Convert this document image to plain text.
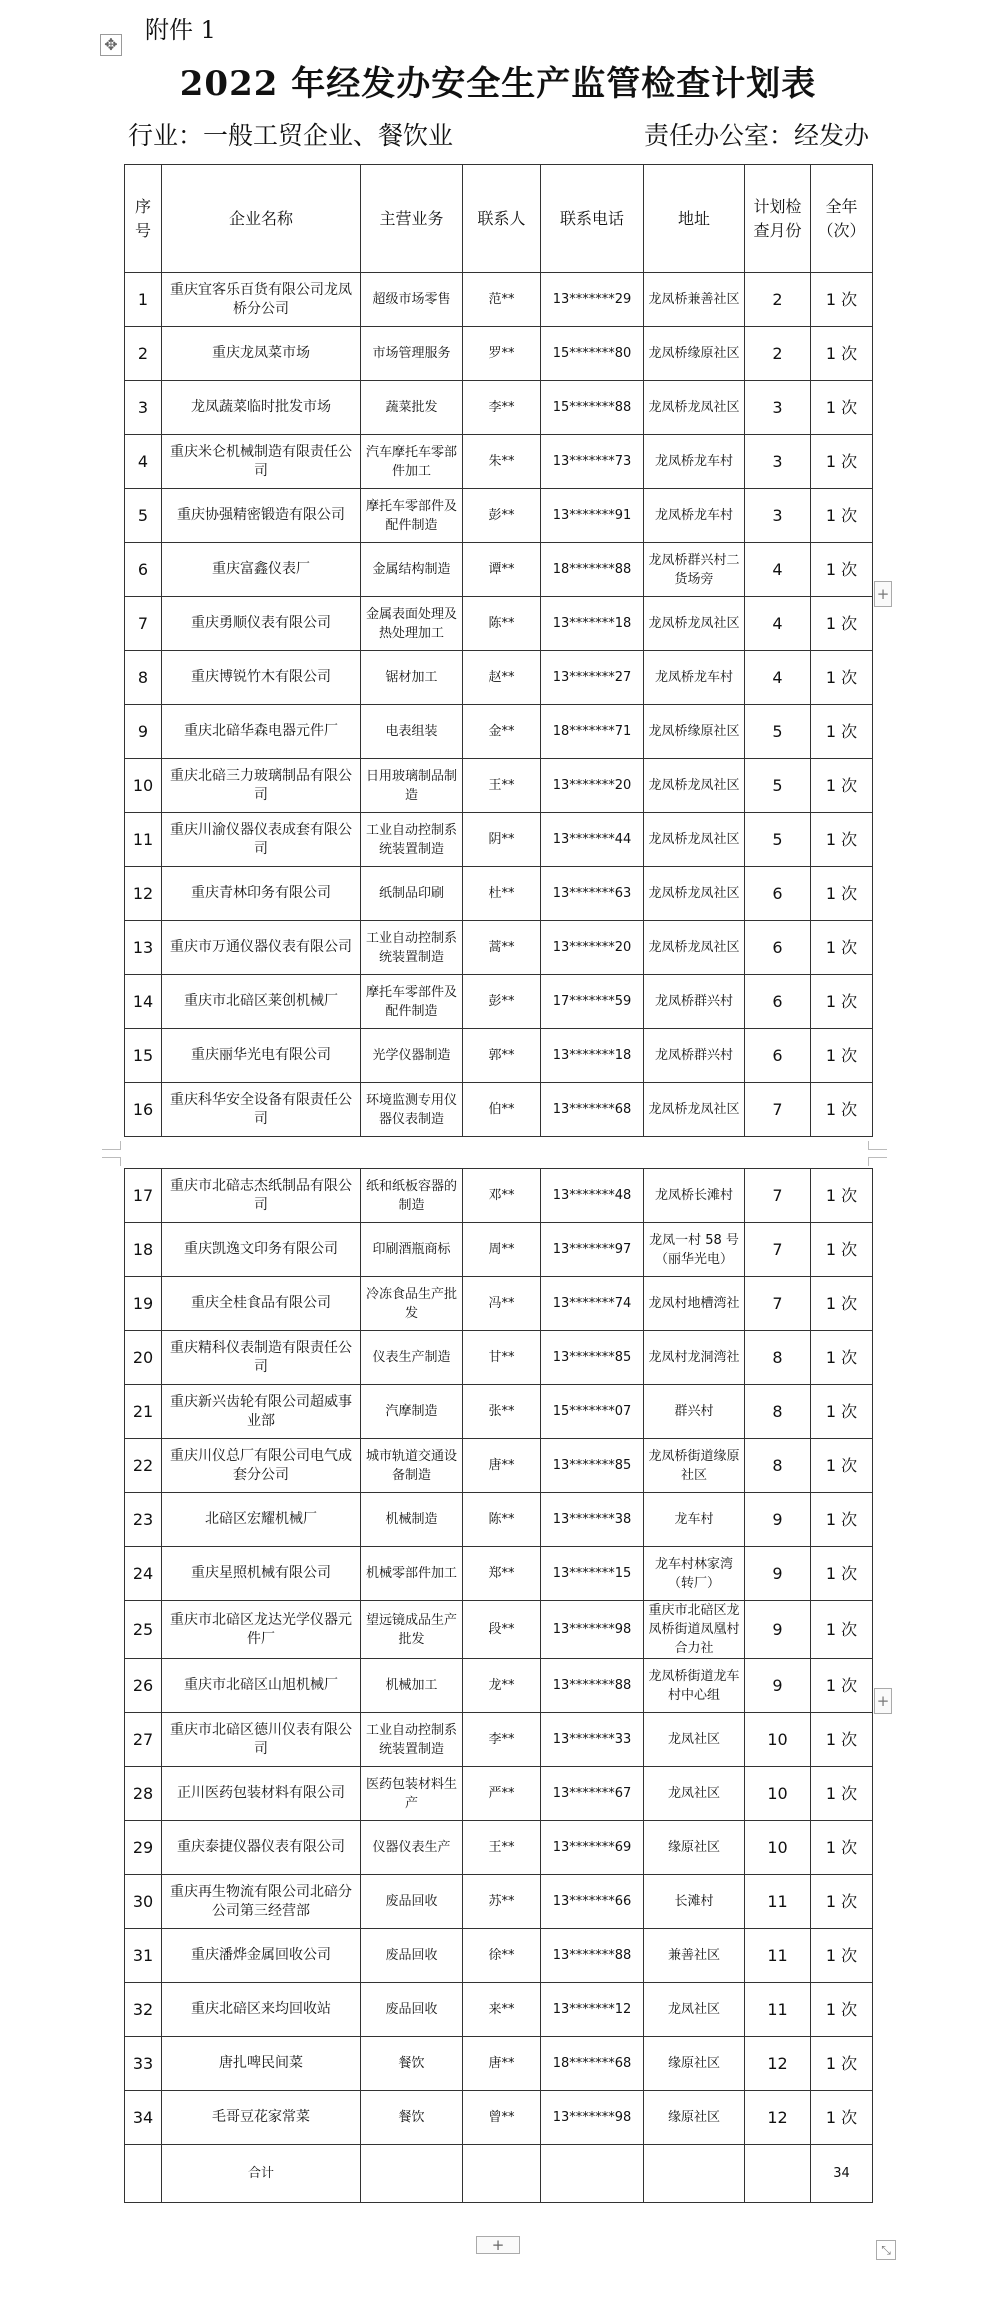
附件 1
✥
2022 年经发办安全生产监管检查计划表
行业：一般工贸企业、餐饮业	责任办公室：经发办
序号	企业名称	主营业务	联系人	联系电话	地址	计划检查月份	全年（次）
1	重庆宜客乐百货有限公司龙凤桥分公司	超级市场零售	范**	13*******29	龙凤桥兼善社区	2	1 次
2	重庆龙凤菜市场	市场管理服务	罗**	15*******80	龙凤桥缘原社区	2	1 次
3	龙凤蔬菜临时批发市场	蔬菜批发	李**	15*******88	龙凤桥龙凤社区	3	1 次
4	重庆米仑机械制造有限责任公司	汽车摩托车零部件加工	朱**	13*******73	龙凤桥龙车村	3	1 次
5	重庆协强精密锻造有限公司	摩托车零部件及配件制造	彭**	13*******91	龙凤桥龙车村	3	1 次
6	重庆富鑫仪表厂	金属结构制造	谭**	18*******88	龙凤桥群兴村二货场旁	4	1 次
7	重庆勇顺仪表有限公司	金属表面处理及热处理加工	陈**	13*******18	龙凤桥龙凤社区	4	1 次
8	重庆博锐竹木有限公司	锯材加工	赵**	13*******27	龙凤桥龙车村	4	1 次
9	重庆北碚华森电器元件厂	电表组装	金**	18*******71	龙凤桥缘原社区	5	1 次
10	重庆北碚三力玻璃制品有限公司	日用玻璃制品制造	王**	13*******20	龙凤桥龙凤社区	5	1 次
11	重庆川渝仪器仪表成套有限公司	工业自动控制系统装置制造	阴**	13*******44	龙凤桥龙凤社区	5	1 次
12	重庆青林印务有限公司	纸制品印刷	杜**	13*******63	龙凤桥龙凤社区	6	1 次
13	重庆市万通仪器仪表有限公司	工业自动控制系统装置制造	蒿**	13*******20	龙凤桥龙凤社区	6	1 次
14	重庆市北碚区莱创机械厂	摩托车零部件及配件制造	彭**	17*******59	龙凤桥群兴村	6	1 次
15	重庆丽华光电有限公司	光学仪器制造	郭**	13*******18	龙凤桥群兴村	6	1 次
16	重庆科华安全设备有限责任公司	环境监测专用仪器仪表制造	伯**	13*******68	龙凤桥龙凤社区	7	1 次
17	重庆市北碚志杰纸制品有限公司	纸和纸板容器的制造	邓**	13*******48	龙凤桥长滩村	7	1 次
18	重庆凯逸文印务有限公司	印刷酒瓶商标	周**	13*******97	龙凤一村 58 号（丽华光电）	7	1 次
19	重庆全桂食品有限公司	冷冻食品生产批发	冯**	13*******74	龙凤村地槽湾社	7	1 次
20	重庆精科仪表制造有限责任公司	仪表生产制造	甘**	13*******85	龙凤村龙洞湾社	8	1 次
21	重庆新兴齿轮有限公司超威事业部	汽摩制造	张**	15*******07	群兴村	8	1 次
22	重庆川仪总厂有限公司电气成套分公司	城市轨道交通设备制造	唐**	13*******85	龙凤桥街道缘原社区	8	1 次
23	北碚区宏耀机械厂	机械制造	陈**	13*******38	龙车村	9	1 次
24	重庆星照机械有限公司	机械零部件加工	郑**	13*******15	龙车村林家湾（转厂）	9	1 次
25	重庆市北碚区龙达光学仪器元件厂	望远镜成品生产批发	段**	13*******98	重庆市北碚区龙凤桥街道凤凰村合力社	9	1 次
26	重庆市北碚区山旭机械厂	机械加工	龙**	13*******88	龙凤桥街道龙车村中心组	9	1 次
27	重庆市北碚区德川仪表有限公司	工业自动控制系统装置制造	李**	13*******33	龙凤社区	10	1 次
28	正川医药包装材料有限公司	医药包装材料生产	严**	13*******67	龙凤社区	10	1 次
29	重庆泰捷仪器仪表有限公司	仪器仪表生产	王**	13*******69	缘原社区	10	1 次
30	重庆再生物流有限公司北碚分公司第三经营部	废品回收	苏**	13*******66	长滩村	11	1 次
31	重庆潘烨金属回收公司	废品回收	徐**	13*******88	兼善社区	11	1 次
32	重庆北碚区来均回收站	废品回收	来**	13*******12	龙凤社区	11	1 次
33	唐扎啤民间菜	餐饮	唐**	18*******68	缘原社区	12	1 次
34	毛哥豆花家常菜	餐饮	曾**	13*******98	缘原社区	12	1 次
	合计						34
+
+
+	⤡
